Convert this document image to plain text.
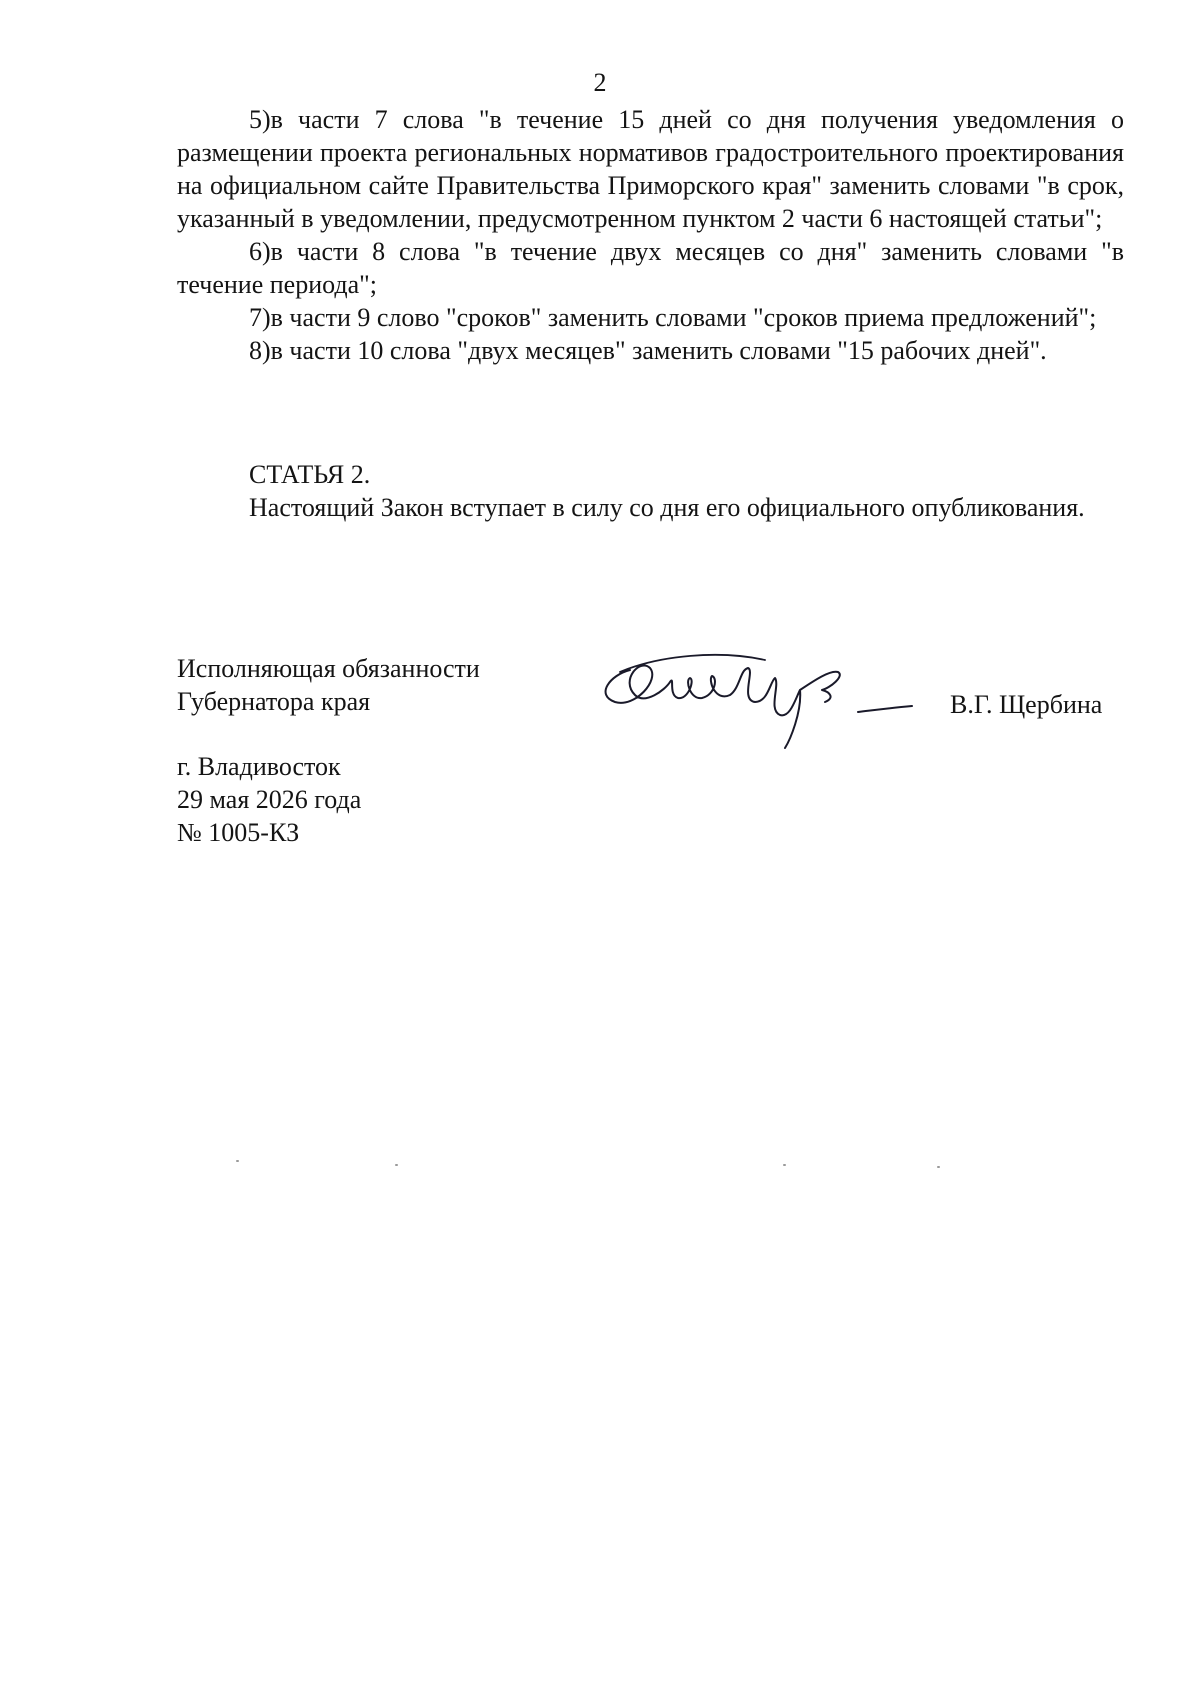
2

5)в части 7 слова "в течение 15 дней со дня получения уведомления о размещении проекта региональных нормативов градостроительного проектирования на официальном сайте Правительства Приморского края" заменить словами "в срок, указанный в уведомлении, предусмотренном пунктом 2 части 6 настоящей статьи";

6)в части 8 слова "в течение двух месяцев со дня" заменить словами "в течение периода";

7)в части 9 слово "сроков" заменить словами "сроков приема предложений";

8)в части 10 слова "двух месяцев" заменить словами "15 рабочих дней".

СТАТЬЯ 2.

Настоящий Закон вступает в силу со дня его официального опубликования.

Исполняющая обязанности
Губернатора края	В.Г. Щербина
г. Владивосток
29 мая 2026 года
№ 1005-КЗ
